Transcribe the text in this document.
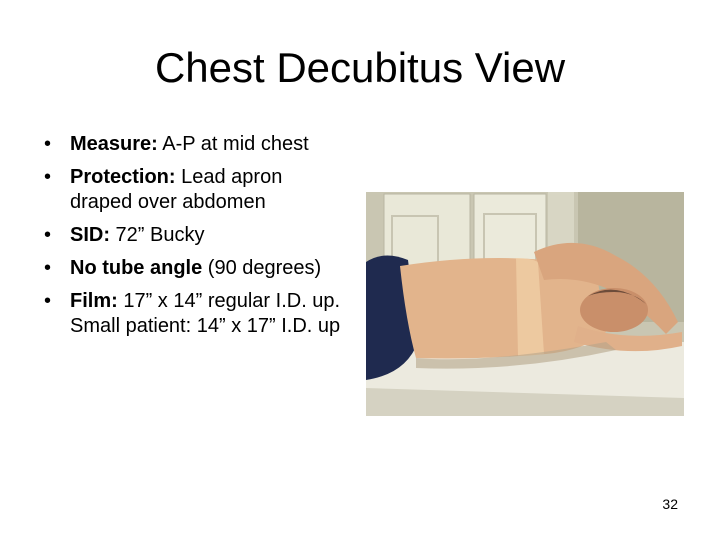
Chest Decubitus View
• Measure: A-P at mid chest
• Protection: Lead apron draped over abdomen
• SID: 72” Bucky
• No tube angle (90 degrees)
• Film: 17” x 14” regular I.D. up. Small patient: 14” x 17” I.D. up
32
